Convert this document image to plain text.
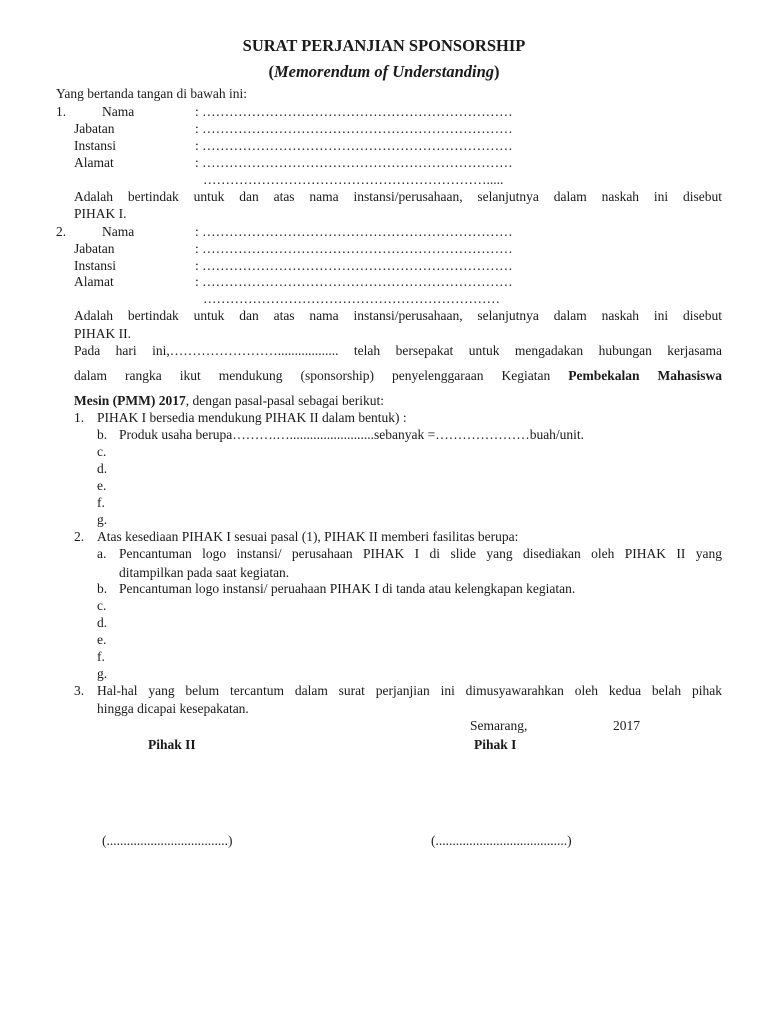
SURAT PERJANJIAN SPONSORSHIP
(Memorendum of Understanding)
Yang bertanda tangan di bawah ini:
1.	Nama	: ……………………………………………………………
Jabatan	: ……………………………………………………………
Instansi	: ……………………………………………………………
Alamat	: ……………………………………………………………
……………………………………………………….....
Adalah bertindak untuk dan atas nama instansi/perusahaan, selanjutnya dalam naskah ini disebut
PIHAK I.
2.	Nama	: ……………………………………………………………
Jabatan	: ……………………………………………………………
Instansi	: ……………………………………………………………
Alamat	: ……………………………………………………………
…………………………………………………………
Adalah bertindak untuk dan atas nama instansi/perusahaan, selanjutnya dalam naskah ini disebut
PIHAK II.
Pada hari ini,…………………….................. telah bersepakat untuk mengadakan hubungan kerjasama
dalam rangka ikut mendukung (sponsorship) penyelenggaraan Kegiatan Pembekalan Mahasiswa
Mesin (PMM) 2017, dengan pasal-pasal sebagai berikut:
1. PIHAK I bersedia mendukung PIHAK II dalam bentuk) :
b. Produk usaha berupa……….….........................sebanyak =…………………buah/unit.
c.
d.
e.
f.
g.
2. Atas kesediaan PIHAK I sesuai pasal (1), PIHAK II memberi fasilitas berupa:
a. Pencantuman logo instansi/ perusahaan PIHAK I di slide yang disediakan oleh PIHAK II yang
ditampilkan pada saat kegiatan.
b. Pencantuman logo instansi/ peruahaan PIHAK I di tanda atau kelengkapan kegiatan.
c.
d.
e.
f.
g.
3. Hal-hal yang belum tercantum dalam surat perjanjian ini dimusyawarahkan oleh kedua belah pihak
hingga dicapai kesepakatan.
Semarang,	2017
Pihak II	Pihak I
(....................................)	(.......................................)
